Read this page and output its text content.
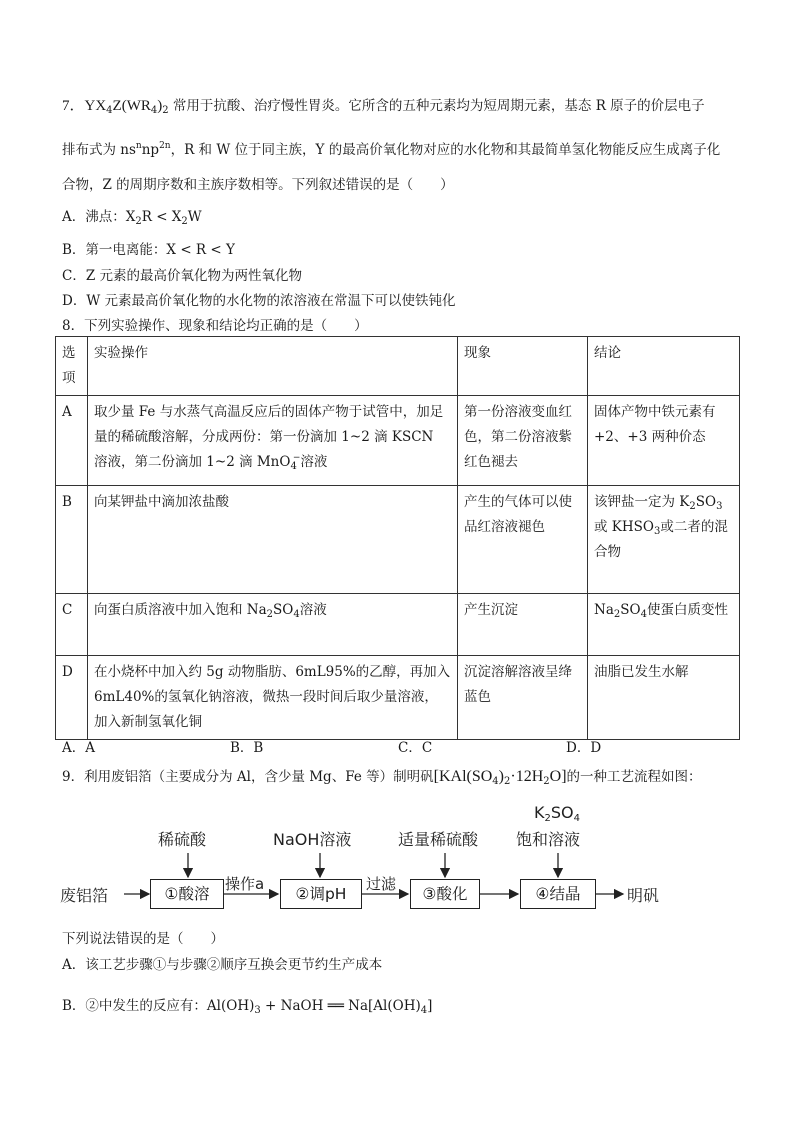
7．$YX_4Z(WR_4)_2$ 常用于抗酸、治疗慢性胃炎。它所含的五种元素均为短周期元素，基态 R 原子的价层电子
排布式为 $ns^nnp^{2n}$，R 和 W 位于同主族，Y 的最高价氧化物对应的水化物和其最简单氢化物能反应生成离子化
合物，Z 的周期序数和主族序数相等。下列叙述错误的是（　　）
A．沸点：$X_2R < X_2W$
B．第一电离能：X < R < Y
C．Z 元素的最高价氧化物为两性氧化物
D．W 元素最高价氧化物的水化物的浓溶液在常温下可以使铁钝化
8．下列实验操作、现象和结论均正确的是（　　）
选项	实验操作	现象	结论
A	取少量 Fe 与水蒸气高温反应后的固体产物于试管中，加足量的稀硫酸溶解，分成两份：第一份滴加 1~2 滴 KSCN 溶液，第二份滴加 1~2 滴 MnO$_4$−溶液	第一份溶液变血红色，第二份溶液紫红色褪去	固体产物中铁元素有+2、+3 两种价态
B	向某钾盐中滴加浓盐酸	产生的气体可以使品红溶液褪色	该钾盐一定为 $K_2SO_3$或 $KHSO_3$或二者的混合物
C	向蛋白质溶液中加入饱和 $Na_2SO_4$溶液	产生沉淀	$Na_2SO_4$使蛋白质变性
D	在小烧杯中加入约 5g 动物脂肪、6mL95%的乙醇，再加入 6mL40%的氢氧化钠溶液，微热一段时间后取少量溶液，加入新制氢氧化铜	沉淀溶解溶液呈绛蓝色	油脂已发生水解
A．A	B．B	C．C	D．D
9．利用废铝箔（主要成分为 Al，含少量 Mg、Fe 等）制明矾$[KAl(SO_4)_2\cdot 12H_2O]$的一种工艺流程如图：
废铝箔	明矾
①酸溶	②调pH	③酸化	④结晶
操作a	过滤
稀硫酸	NaOH溶液	适量稀硫酸
$K_2SO_4$
饱和溶液
下列说法错误的是（　　）
A．该工艺步骤①与步骤②顺序互换会更节约生产成本
B．②中发生的反应有：$Al(OH)_3$ + NaOH ══ $Na[Al(OH)_4]$
